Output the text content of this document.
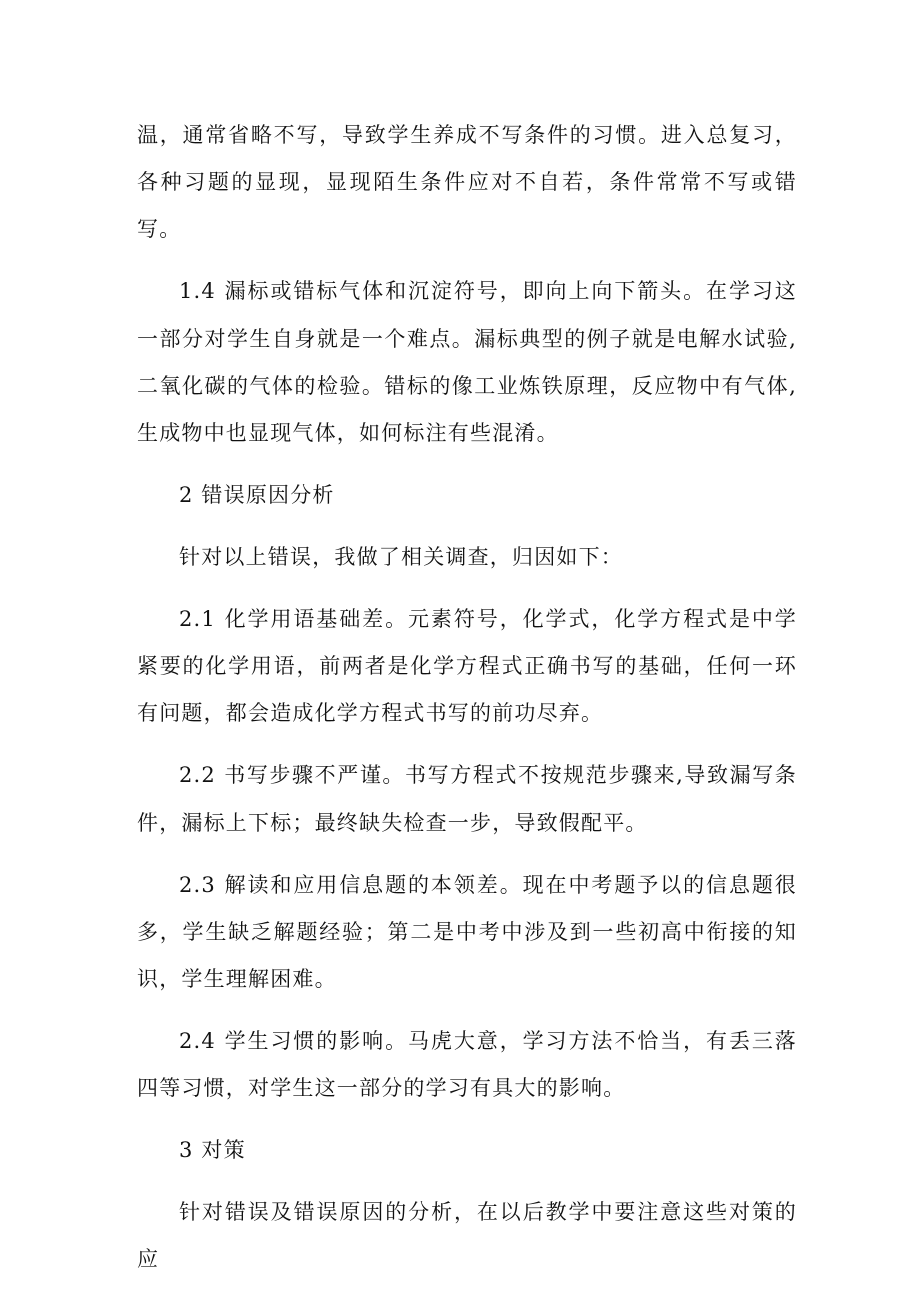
温，通常省略不写，导致学生养成不写条件的习惯。进入总复习，各种习题的显现，显现陌生条件应对不自若，条件常常不写或错写。

1.4 漏标或错标气体和沉淀符号，即向上向下箭头。在学习这一部分对学生自身就是一个难点。漏标典型的例子就是电解水试验,二氧化碳的气体的检验。错标的像工业炼铁原理，反应物中有气体,生成物中也显现气体，如何标注有些混淆。

2 错误原因分析

针对以上错误，我做了相关调查，归因如下：

2.1 化学用语基础差。元素符号，化学式，化学方程式是中学紧要的化学用语，前两者是化学方程式正确书写的基础，任何一环有问题，都会造成化学方程式书写的前功尽弃。

2.2 书写步骤不严谨。书写方程式不按规范步骤来,导致漏写条件，漏标上下标；最终缺失检查一步，导致假配平。

2.3 解读和应用信息题的本领差。现在中考题予以的信息题很多，学生缺乏解题经验；第二是中考中涉及到一些初高中衔接的知识，学生理解困难。

2.4 学生习惯的影响。马虎大意，学习方法不恰当，有丢三落四等习惯，对学生这一部分的学习有具大的影响。

3 对策

针对错误及错误原因的分析，在以后教学中要注意这些对策的应
